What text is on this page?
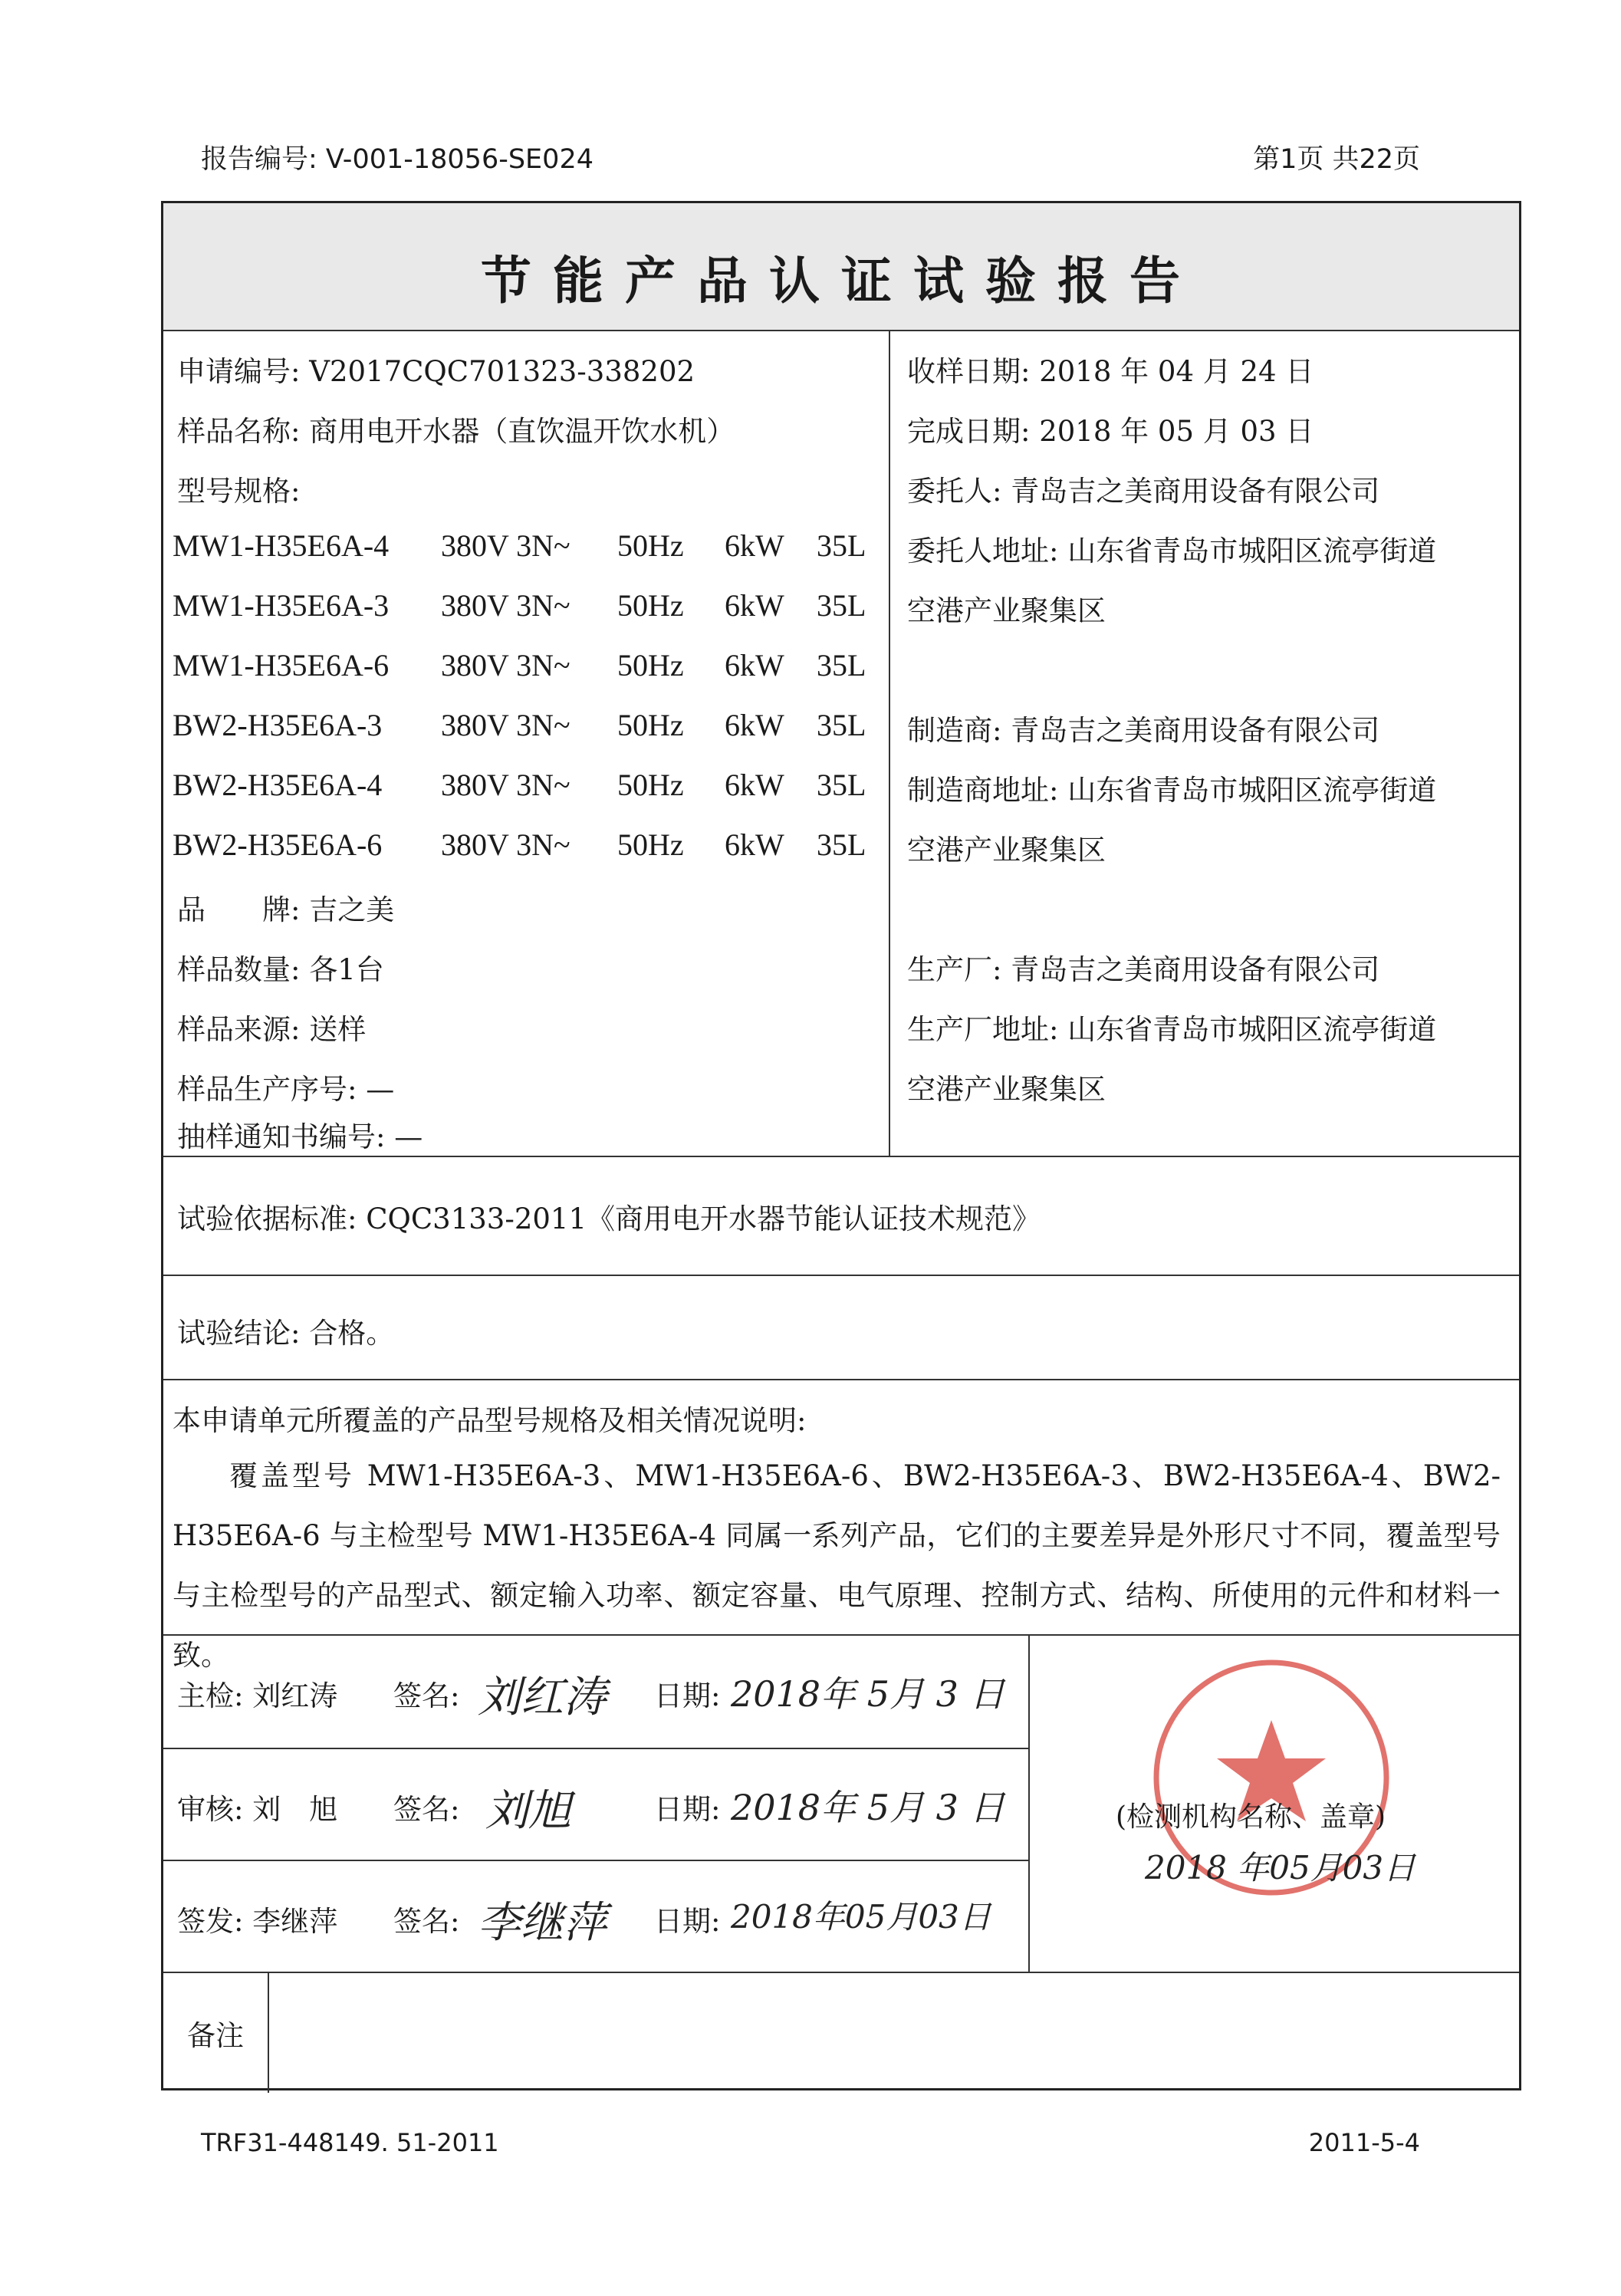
报告编号: V-001-18056-SE024	第1页 共22页
节能产品认证试验报告
申请编号: V2017CQC701323-338202
样品名称: 商用电开水器（直饮温开饮水机）
型号规格:
MW1-H35E6A-4 380V 3N~ 50Hz 6kW 35L
MW1-H35E6A-3 380V 3N~ 50Hz 6kW 35L
MW1-H35E6A-6 380V 3N~ 50Hz 6kW 35L
BW2-H35E6A-3 380V 3N~ 50Hz 6kW 35L
BW2-H35E6A-4 380V 3N~ 50Hz 6kW 35L
BW2-H35E6A-6 380V 3N~ 50Hz 6kW 35L
品　　牌: 吉之美
样品数量: 各1台
样品来源: 送样
样品生产序号: —
抽样通知书编号: —
收样日期: 2018 年 04 月 24 日
完成日期: 2018 年 05 月 03 日
委托人: 青岛吉之美商用设备有限公司
委托人地址: 山东省青岛市城阳区流亭街道
空港产业聚集区
制造商: 青岛吉之美商用设备有限公司
制造商地址: 山东省青岛市城阳区流亭街道
空港产业聚集区
生产厂: 青岛吉之美商用设备有限公司
生产厂地址: 山东省青岛市城阳区流亭街道
空港产业聚集区
试验依据标准: CQC3133-2011《商用电开水器节能认证技术规范》
试验结论: 合格。
本申请单元所覆盖的产品型号规格及相关情况说明:
覆盖型号 MW1-H35E6A-3、MW1-H35E6A-6、BW2-H35E6A-3、BW2-H35E6A-4、BW2-H35E6A-6 与主检型号 MW1-H35E6A-4 同属一系列产品，它们的主要差异是外形尺寸不同，覆盖型号与主检型号的产品型式、额定输入功率、额定容量、电气原理、控制方式、结构、所使用的元件和材料一致。
主检: 刘红涛 签名: 刘红涛 日期: 2018年 5月 3 日
审核: 刘　旭 签名: 刘旭	日期: 2018年 5月 3 日
签发: 李继萍 签名: 李继萍 日期: 2018年05月03日
(检测机构名称、盖章)
2018 年05月03日
备注
TRF31-448149. 51-2011	2011-5-4
